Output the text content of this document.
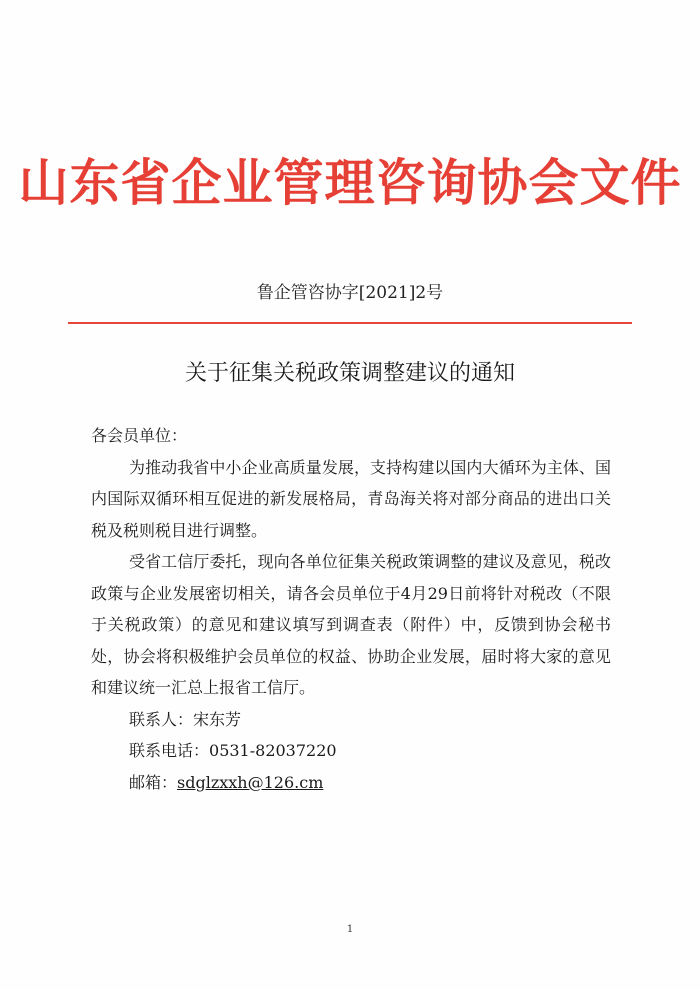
山东省企业管理咨询协会文件
鲁企管咨协字[2021]2号
关于征集关税政策调整建议的通知

各会员单位：

为推动我省中小企业高质量发展，支持构建以国内大循环为主体、国内国际双循环相互促进的新发展格局，青岛海关将对部分商品的进出口关税及税则税目进行调整。

受省工信厅委托，现向各单位征集关税政策调整的建议及意见，税改政策与企业发展密切相关，请各会员单位于4月29日前将针对税改（不限于关税政策）的意见和建议填写到调查表（附件）中，反馈到协会秘书处，协会将积极维护会员单位的权益、协助企业发展，届时将大家的意见和建议统一汇总上报省工信厅。

联系人：宋东芳

联系电话：0531-82037220

邮箱：sdglzxxh@126.cm

1
